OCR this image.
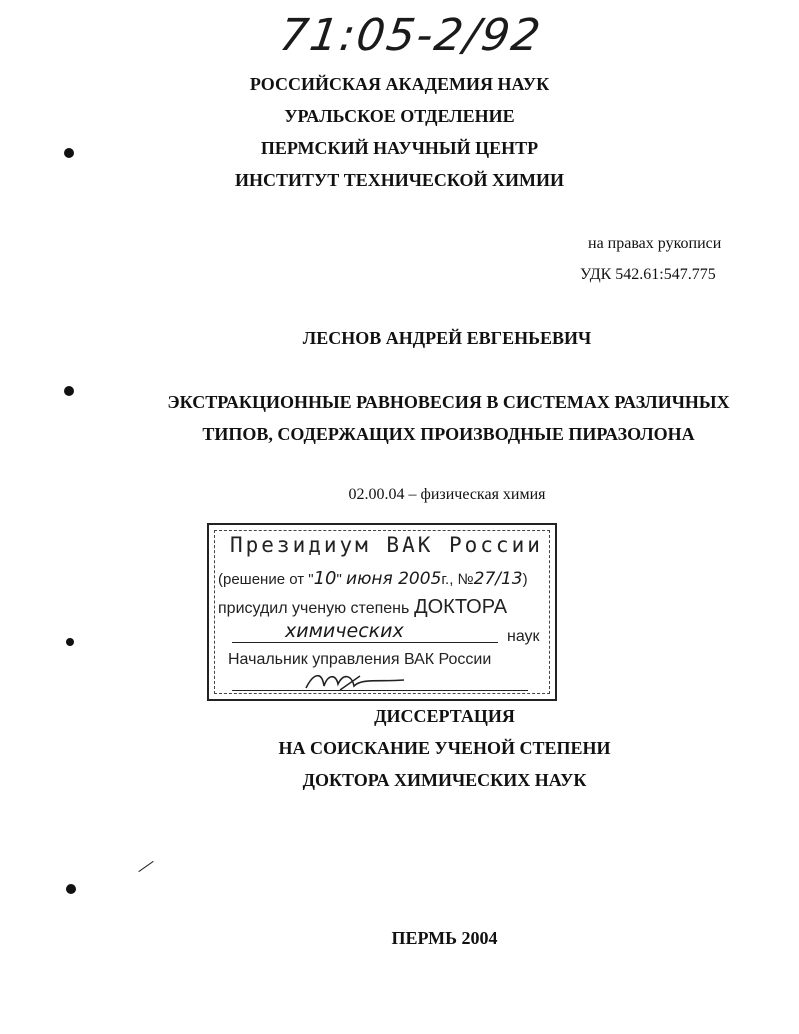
71:05-2/92
РОССИЙСКАЯ АКАДЕМИЯ НАУК
УРАЛЬСКОЕ ОТДЕЛЕНИЕ
ПЕРМСКИЙ НАУЧНЫЙ ЦЕНТР
ИНСТИТУТ ТЕХНИЧЕСКОЙ ХИМИИ
на правах рукописи
УДК 542.61:547.775
ЛЕСНОВ АНДРЕЙ ЕВГЕНЬЕВИЧ
ЭКСТРАКЦИОННЫЕ РАВНОВЕСИЯ В СИСТЕМАХ РАЗЛИЧНЫХ
ТИПОВ, СОДЕРЖАЩИХ ПРОИЗВОДНЫЕ ПИРАЗОЛОНА
02.00.04 – физическая химия
Президиум ВАК России
(решение от "10" июня 2005г., №27/13)
присудил ученую степень ДОКТОРА
химических	наук
Начальник управления ВАК России
ДИССЕРТАЦИЯ
НА СОИСКАНИЕ УЧЕНОЙ СТЕПЕНИ
ДОКТОРА ХИМИЧЕСКИХ НАУК
ПЕРМЬ 2004
